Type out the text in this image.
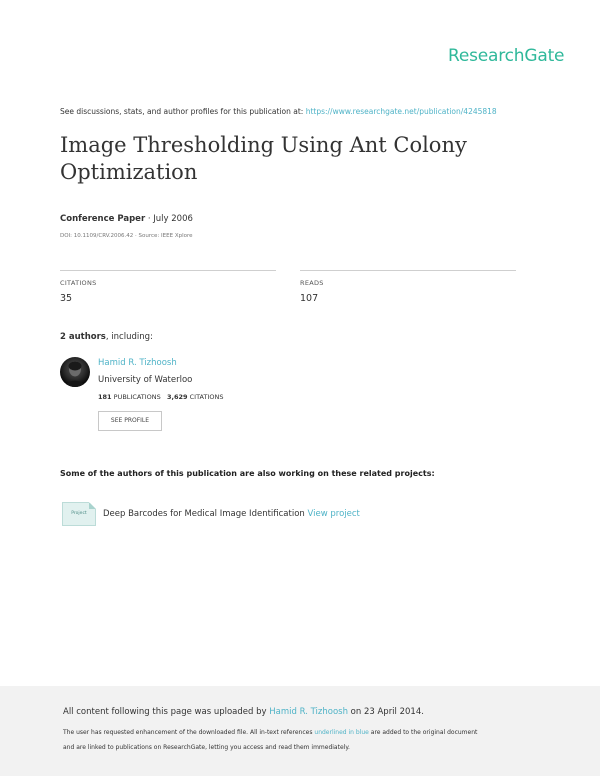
ResearchGate
See discussions, stats, and author profiles for this publication at: https://www.researchgate.net/publication/4245818
Image Thresholding Using Ant Colony Optimization
Conference Paper · July 2006
DOI: 10.1109/CRV.2006.42 · Source: IEEE Xplore
CITATIONS
35
READS
107
2 authors, including:
Hamid R. Tizhoosh
University of Waterloo
181 PUBLICATIONS   3,629 CITATIONS
SEE PROFILE
Some of the authors of this publication are also working on these related projects:
Project	Deep Barcodes for Medical Image Identification View project
All content following this page was uploaded by Hamid R. Tizhoosh on 23 April 2014.
The user has requested enhancement of the downloaded file. All in-text references underlined in blue are added to the original document
and are linked to publications on ResearchGate, letting you access and read them immediately.
